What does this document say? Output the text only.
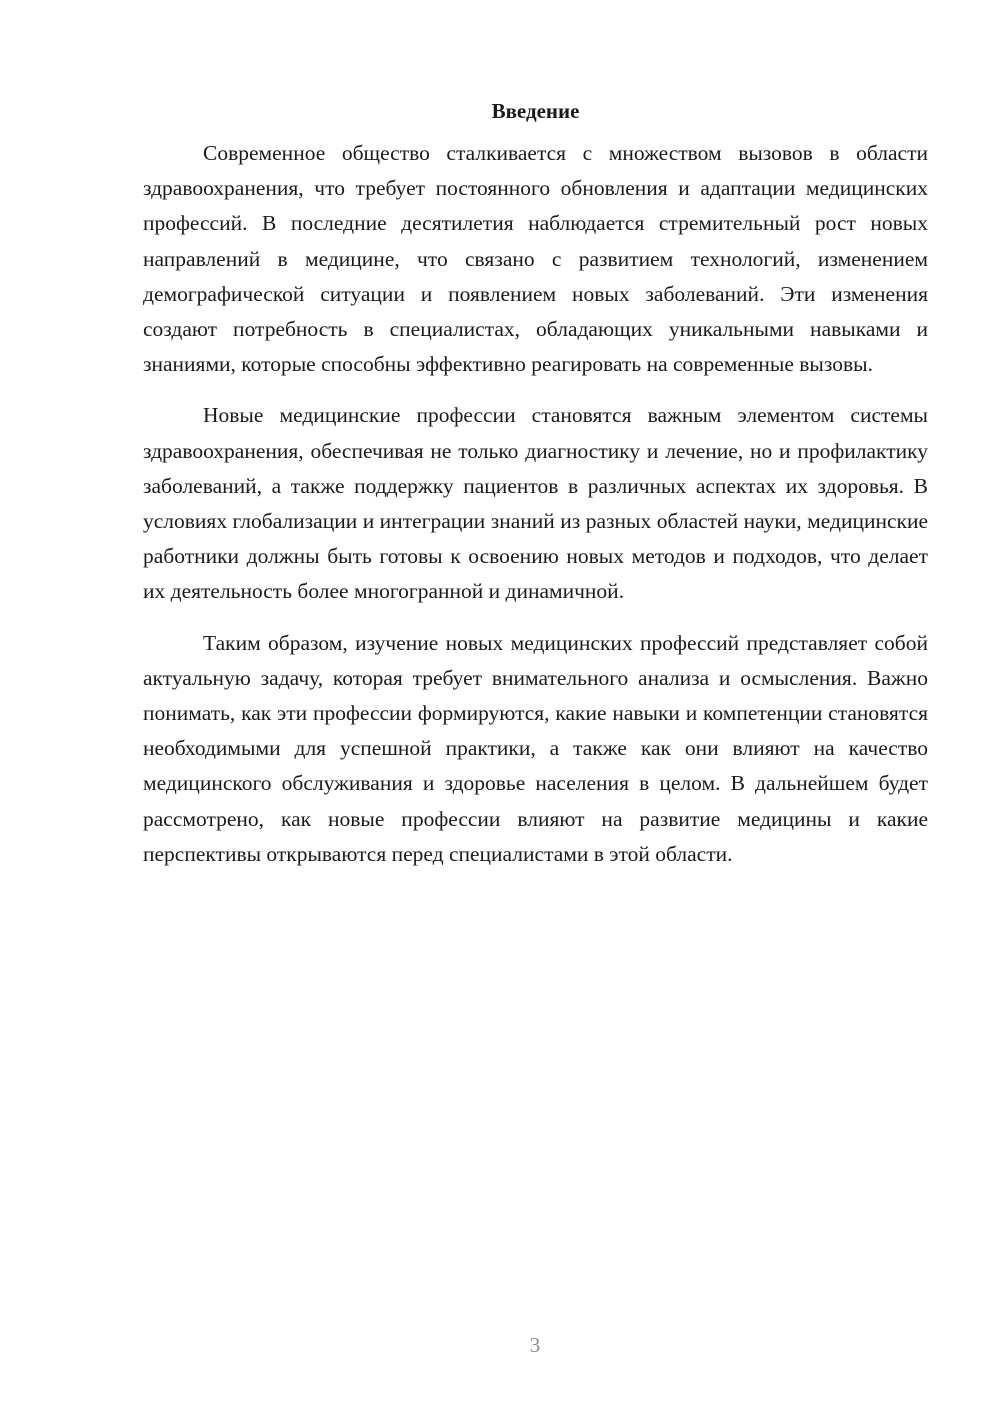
Введение

Современное общество сталкивается с множеством вызовов в области здравоохранения, что требует постоянного обновления и адаптации медицинских профессий. В последние десятилетия наблюдается стремительный рост новых направлений в медицине, что связано с развитием технологий, изменением демографической ситуации и появлением новых заболеваний. Эти изменения создают потребность в специалистах, обладающих уникальными навыками и знаниями, которые способны эффективно реагировать на современные вызовы.

Новые медицинские профессии становятся важным элементом системы здравоохранения, обеспечивая не только диагностику и лечение, но и профилактику заболеваний, а также поддержку пациентов в различных аспектах их здоровья. В условиях глобализации и интеграции знаний из разных областей науки, медицинские работники должны быть готовы к освоению новых методов и подходов, что делает их деятельность более многогранной и динамичной.

Таким образом, изучение новых медицинских профессий представляет собой актуальную задачу, которая требует внимательного анализа и осмысления. Важно понимать, как эти профессии формируются, какие навыки и компетенции становятся необходимыми для успешной практики, а также как они влияют на качество медицинского обслуживания и здоровье населения в целом. В дальнейшем будет рассмотрено, как новые профессии влияют на развитие медицины и какие перспективы открываются перед специалистами в этой области.

3
